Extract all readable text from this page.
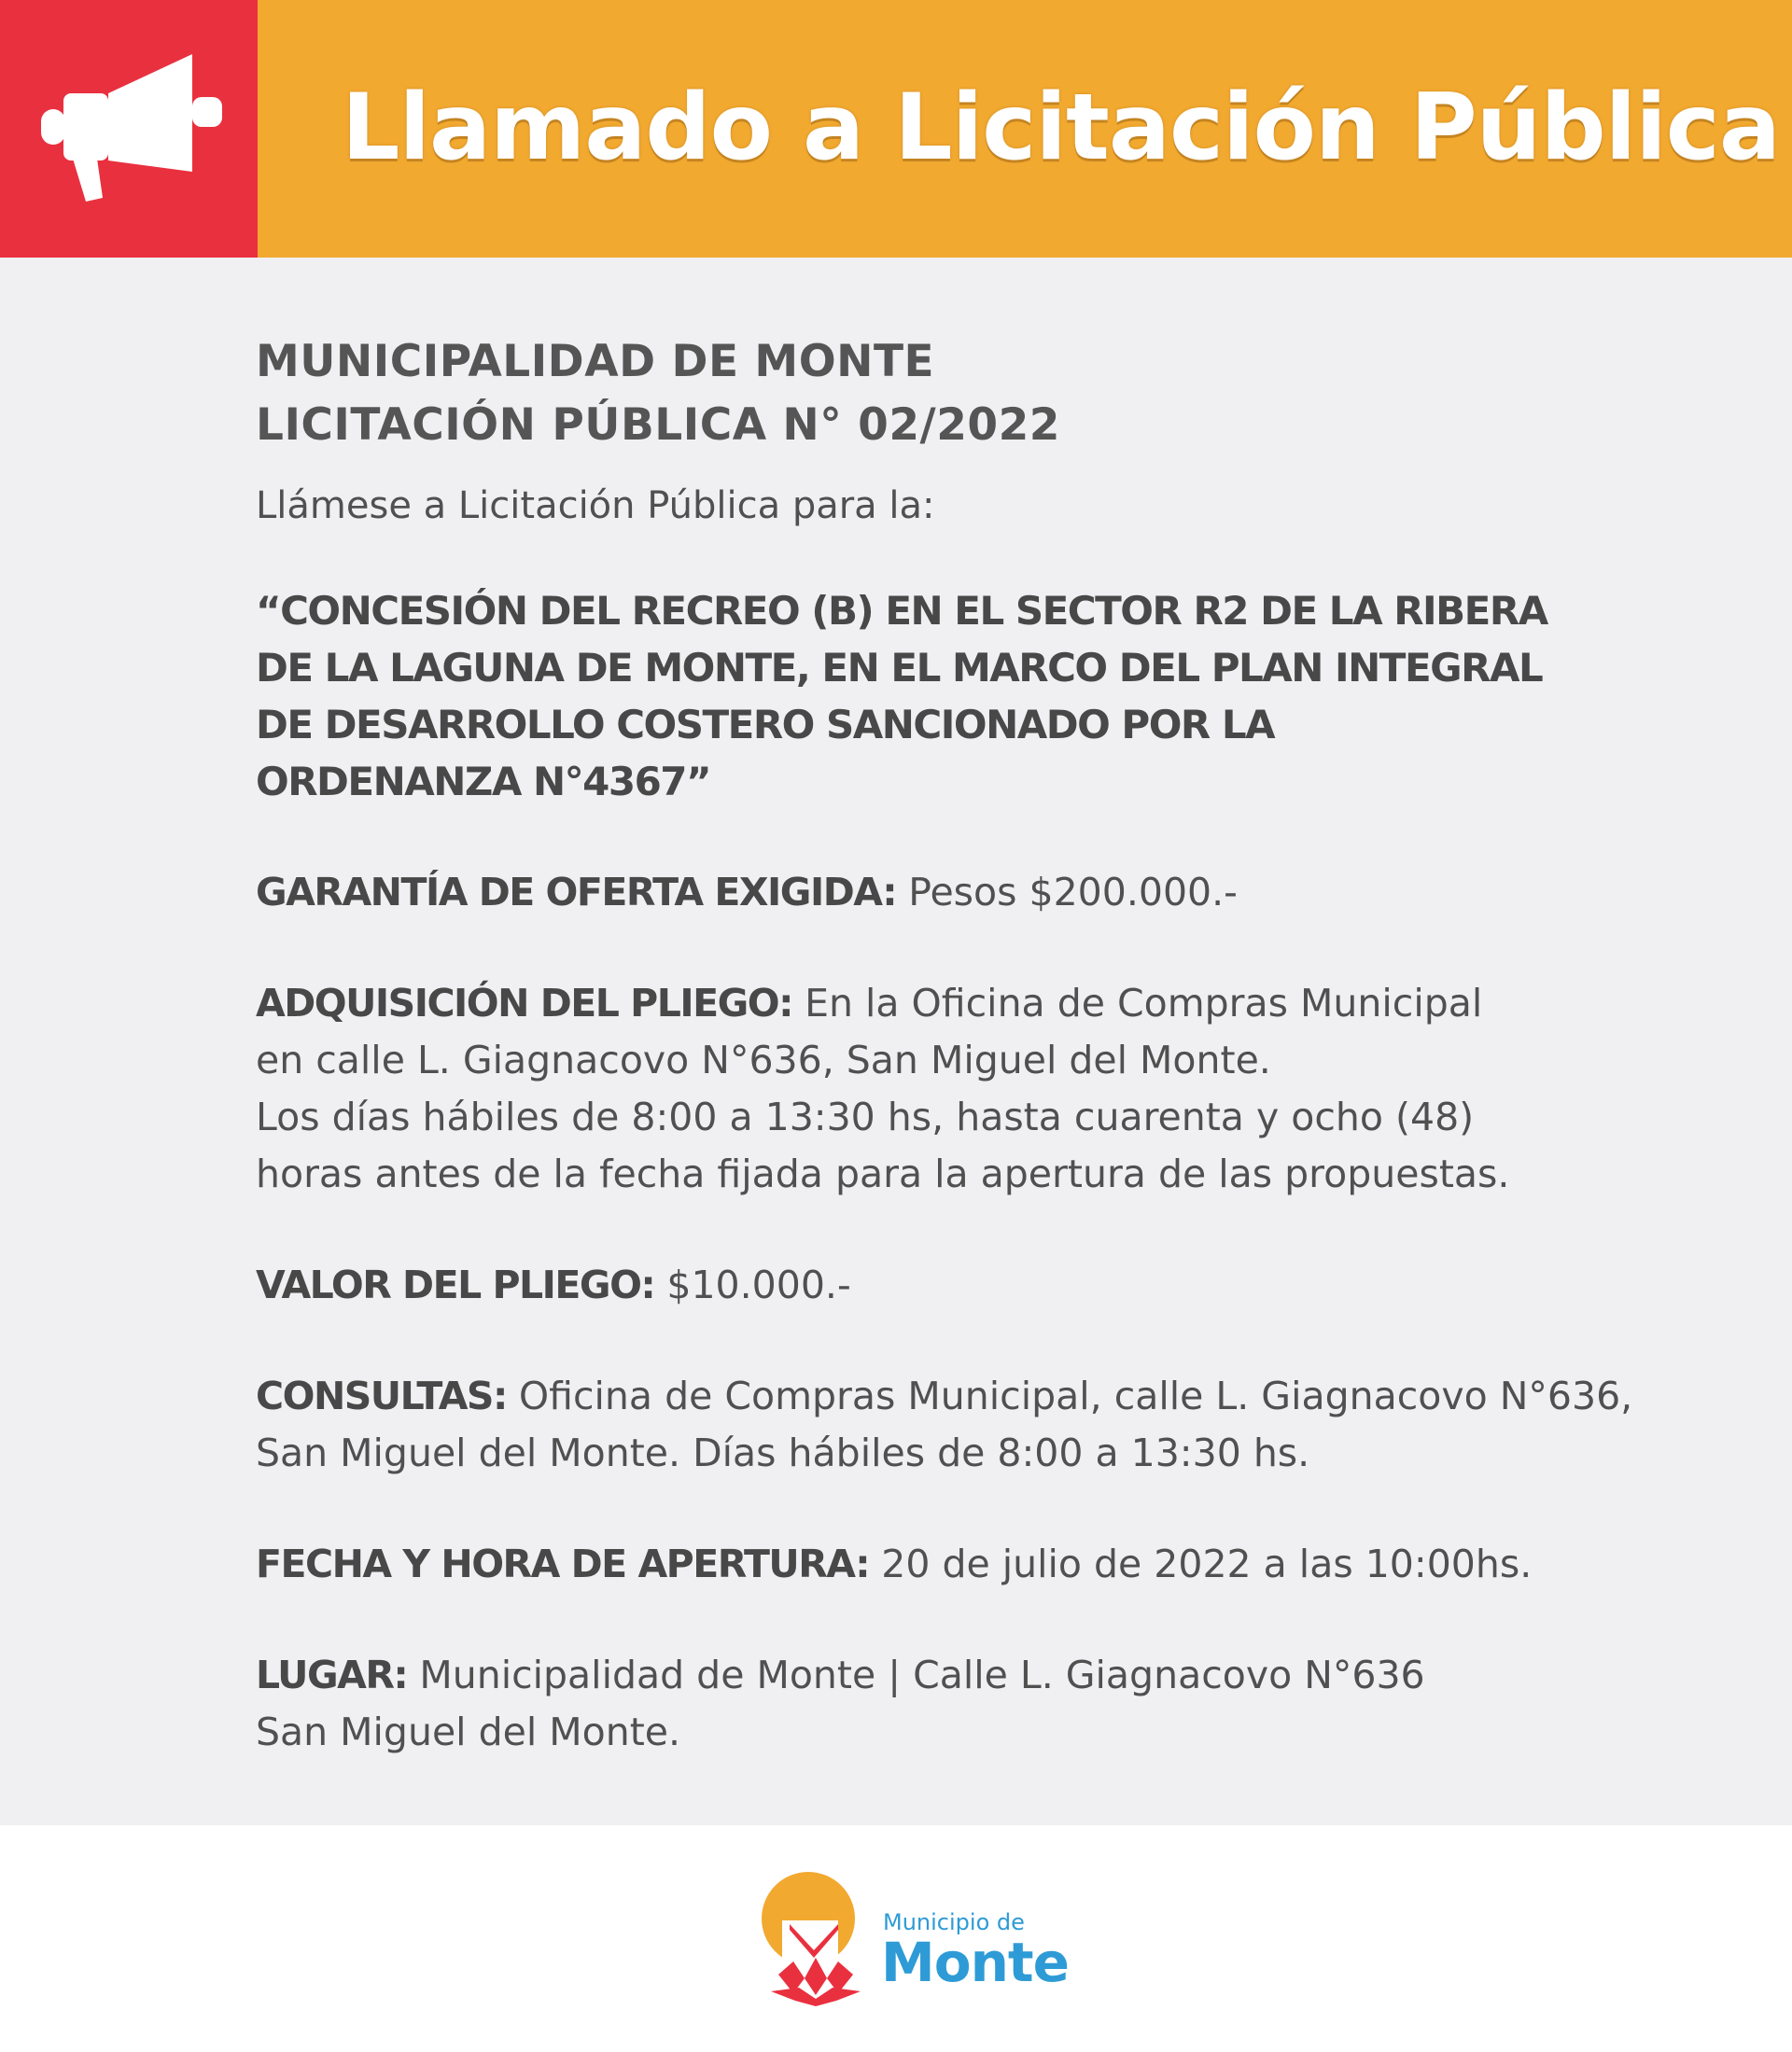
Llamado a Licitación Pública
MUNICIPALIDAD DE MONTE
LICITACIÓN PÚBLICA N° 02/2022

Llámese a Licitación Pública para la:

“CONCESIÓN DEL RECREO (B) EN EL SECTOR R2 DE LA RIBERA
DE LA LAGUNA DE MONTE, EN EL MARCO DEL PLAN INTEGRAL
DE DESARROLLO COSTERO SANCIONADO POR LA
ORDENANZA N°4367”

GARANTÍA DE OFERTA EXIGIDA: Pesos $200.000.-

ADQUISICIÓN DEL PLIEGO: En la Oficina de Compras Municipal
en calle L. Giagnacovo N°636, San Miguel del Monte.
Los días hábiles de 8:00 a 13:30 hs, hasta cuarenta y ocho (48)
horas antes de la fecha fijada para la apertura de las propuestas.

VALOR DEL PLIEGO: $10.000.-

CONSULTAS: Oficina de Compras Municipal, calle L. Giagnacovo N°636,
San Miguel del Monte. Días hábiles de 8:00 a 13:30 hs.

FECHA Y HORA DE APERTURA: 20 de julio de 2022 a las 10:00hs.

LUGAR: Municipalidad de Monte | Calle L. Giagnacovo N°636
San Miguel del Monte.

Municipio de
Monte
